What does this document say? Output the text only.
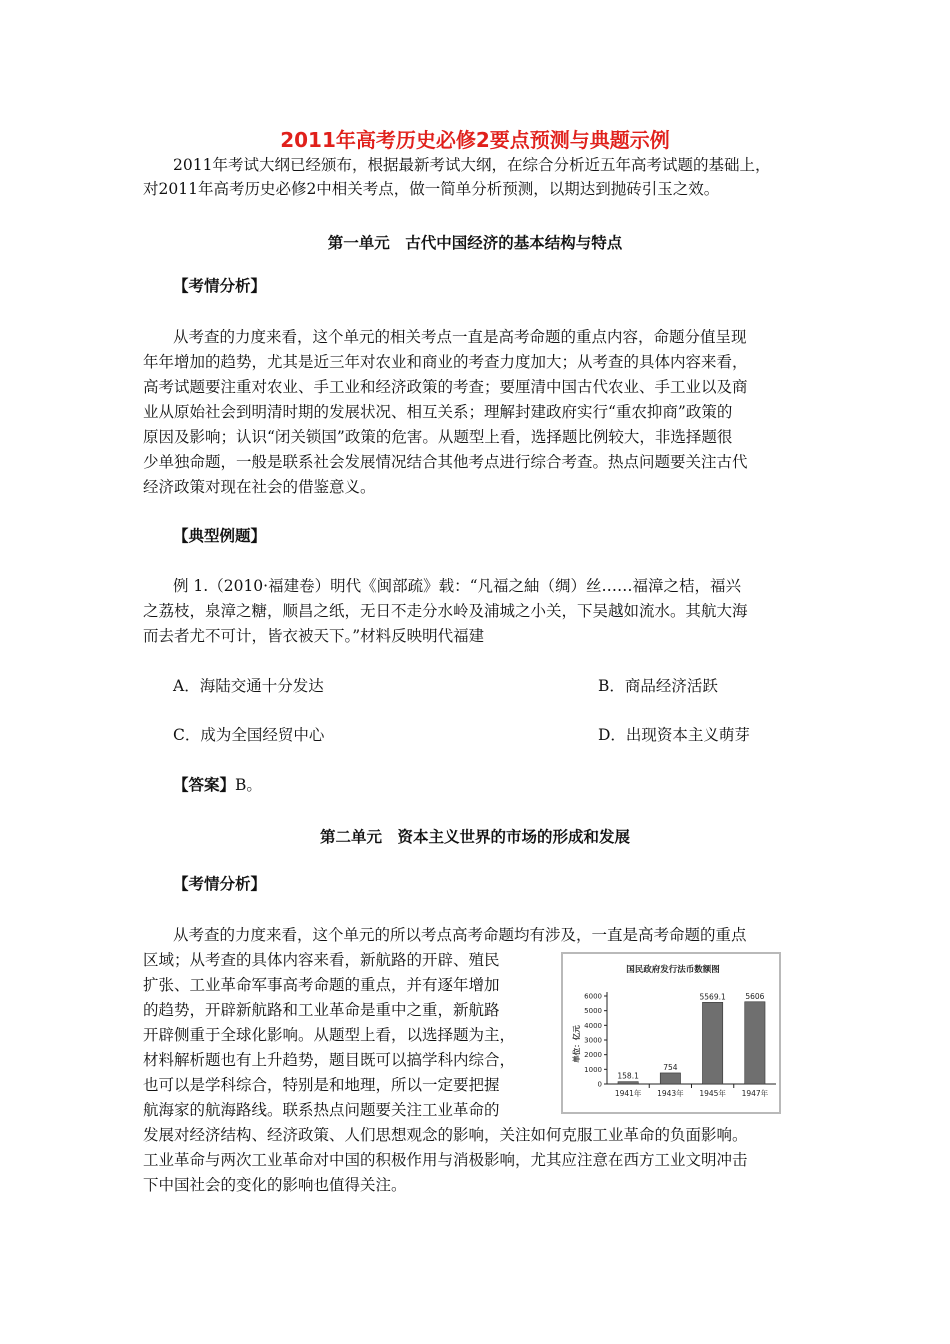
2011年高考历史必修2要点预测与典题示例
2011年考试大纲已经颁布，根据最新考试大纲，在综合分析近五年高考试题的基础上，
对2011年高考历史必修2中相关考点，做一简单分析预测，以期达到抛砖引玉之效。
第一单元　古代中国经济的基本结构与特点
【考情分析】
从考查的力度来看，这个单元的相关考点一直是高考命题的重点内容，命题分值呈现
年年增加的趋势，尤其是近三年对农业和商业的考查力度加大；从考查的具体内容来看，
高考试题要注重对农业、手工业和经济政策的考查；要厘清中国古代农业、手工业以及商
业从原始社会到明清时期的发展状况、相互关系；理解封建政府实行“重农抑商”政策的
原因及影响；认识“闭关锁国”政策的危害。从题型上看，选择题比例较大，非选择题很
少单独命题，一般是联系社会发展情况结合其他考点进行综合考查。热点问题要关注古代
经济政策对现在社会的借鉴意义。
【典型例题】
例 1.（2010·福建卷）明代《闽部疏》载：“凡福之紬（绸）丝……福漳之桔，福兴
之荔枝，泉漳之糖，顺昌之纸，无日不走分水岭及浦城之小关，下吴越如流水。其航大海
而去者尤不可计，皆衣被天下。”材料反映明代福建
A．海陆交通十分发达	B．商品经济活跃
C．成为全国经贸中心	D．出现资本主义萌芽
【答案】B。
第二单元　资本主义世界的市场的形成和发展
【考情分析】
从考查的力度来看，这个单元的所以考点高考命题均有涉及，一直是高考命题的重点
区域；从考查的具体内容来看，新航路的开辟、殖民
扩张、工业革命军事高考命题的重点，并有逐年增加
的趋势，开辟新航路和工业革命是重中之重，新航路
开辟侧重于全球化影响。从题型上看，以选择题为主，
材料解析题也有上升趋势，题目既可以搞学科内综合，
也可以是学科综合，特别是和地理，所以一定要把握
航海家的航海路线。联系热点问题要关注工业革命的
发展对经济结构、经济政策、人们思想观念的影响，关注如何克服工业革命的负面影响。
工业革命与两次工业革命对中国的积极作用与消极影响，尤其应注意在西方工业文明冲击
下中国社会的变化的影响也值得关注。
国民政府发行法币数额图
单位：亿元
0
1000
2000
3000
4000
5000
6000
158.1
754
5569.1	5606
1941年 1943年 1945年 1947年
